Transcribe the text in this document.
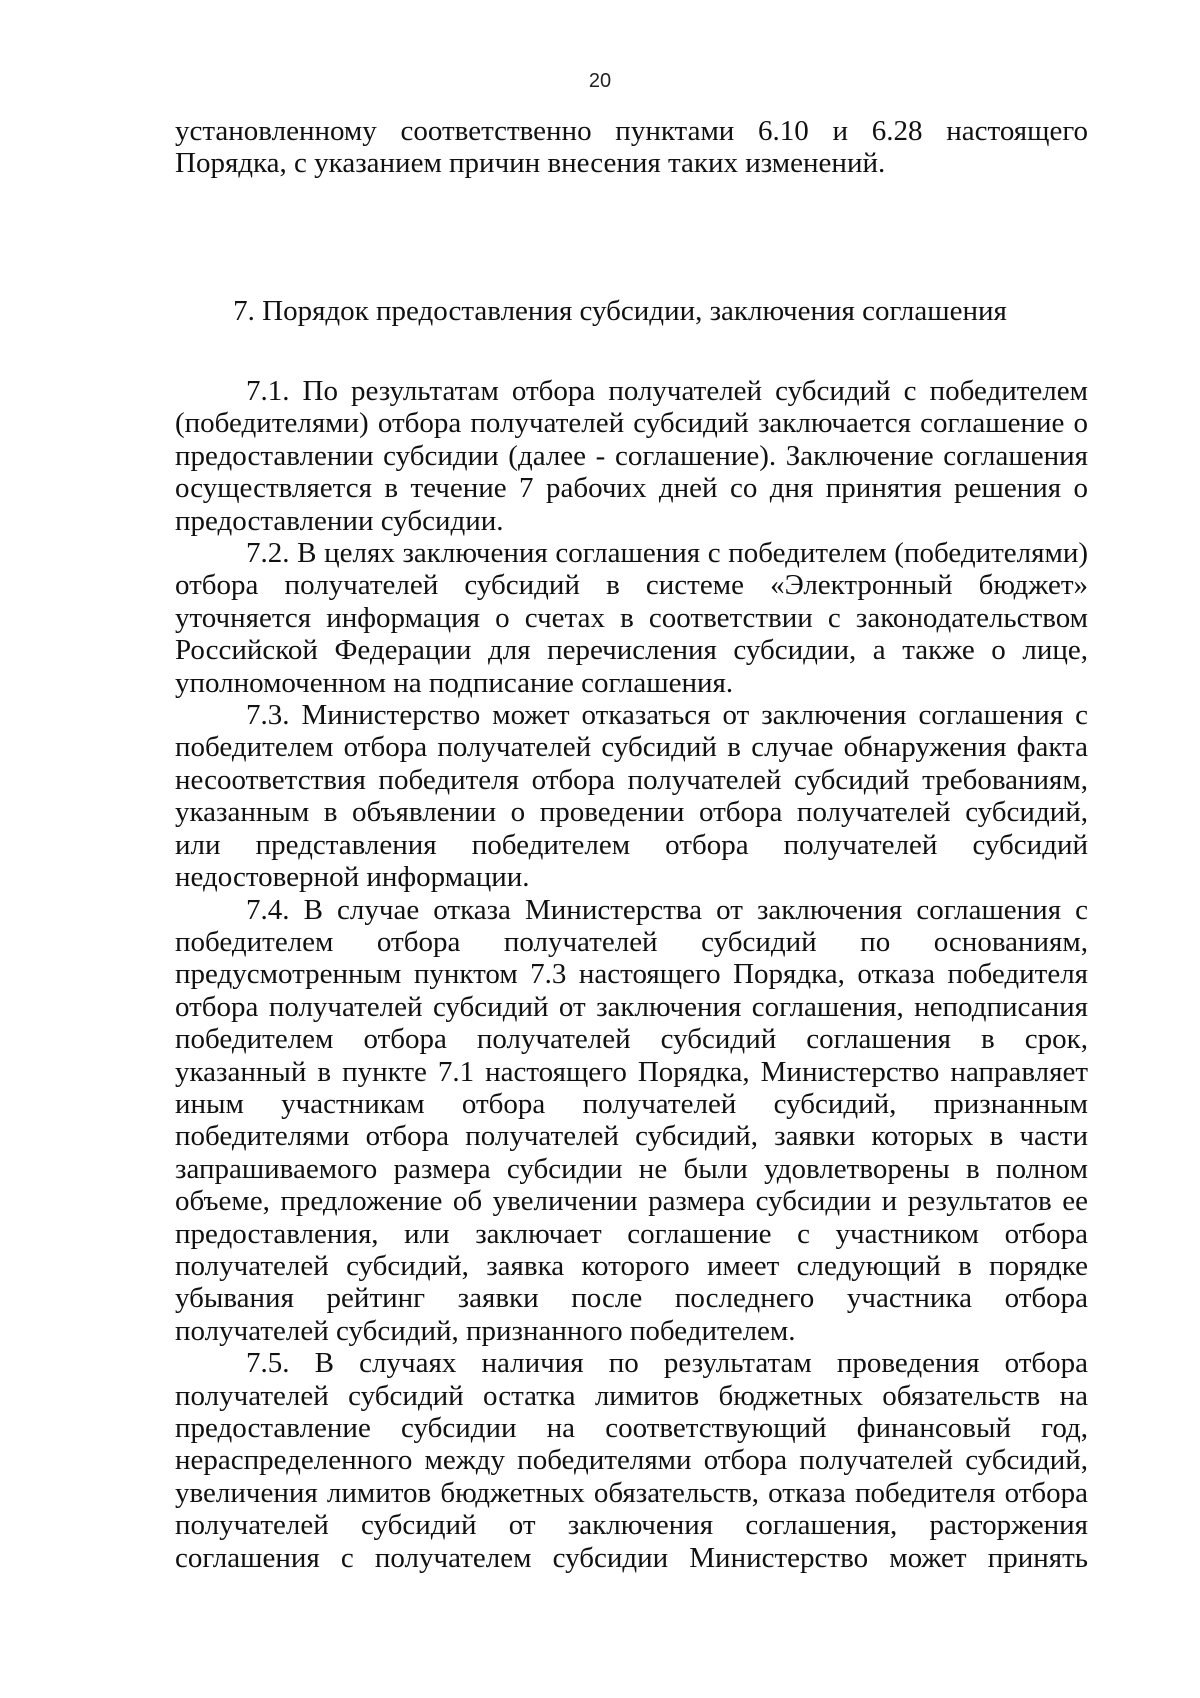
20

установленному соответственно пунктами 6.10 и 6.28 настоящего Порядка, с указанием причин внесения таких изменений.

7. Порядок предоставления субсидии, заключения соглашения

7.1. По результатам отбора получателей субсидий с победителем (победителями) отбора получателей субсидий заключается соглашение о предоставлении субсидии (далее - соглашение). Заключение соглашения осуществляется в течение 7 рабочих дней со дня принятия решения о предоставлении субсидии.

7.2. В целях заключения соглашения с победителем (победителями) отбора получателей субсидий в системе «Электронный бюджет» уточняется информация о счетах в соответствии с законодательством Российской Федерации для перечисления субсидии, а также о лице, уполномоченном на подписание соглашения.

7.3. Министерство может отказаться от заключения соглашения с победителем отбора получателей субсидий в случае обнаружения факта несоответствия победителя отбора получателей субсидий требованиям, указанным в объявлении о проведении отбора получателей субсидий, или представления победителем отбора получателей субсидий недостоверной информации.

7.4. В случае отказа Министерства от заключения соглашения с победителем отбора получателей субсидий по основаниям, предусмотренным пунктом 7.3 настоящего Порядка, отказа победителя отбора получателей субсидий от заключения соглашения, неподписания победителем отбора получателей субсидий соглашения в срок, указанный в пункте 7.1 настоящего Порядка, Министерство направляет иным участникам отбора получателей субсидий, признанным победителями отбора получателей субсидий, заявки которых в части запрашиваемого размера субсидии не были удовлетворены в полном объеме, предложение об увеличении размера субсидии и результатов ее предоставления, или заключает соглашение с участником отбора получателей субсидий, заявка которого имеет следующий в порядке убывания рейтинг заявки после последнего участника отбора получателей субсидий, признанного победителем.

7.5. В случаях наличия по результатам проведения отбора получателей субсидий остатка лимитов бюджетных обязательств на предоставление субсидии на соответствующий финансовый год, нераспределенного между победителями отбора получателей субсидий, увеличения лимитов бюджетных обязательств, отказа победителя отбора получателей субсидий от заключения соглашения, расторжения соглашения с получателем субсидии Министерство может принять
